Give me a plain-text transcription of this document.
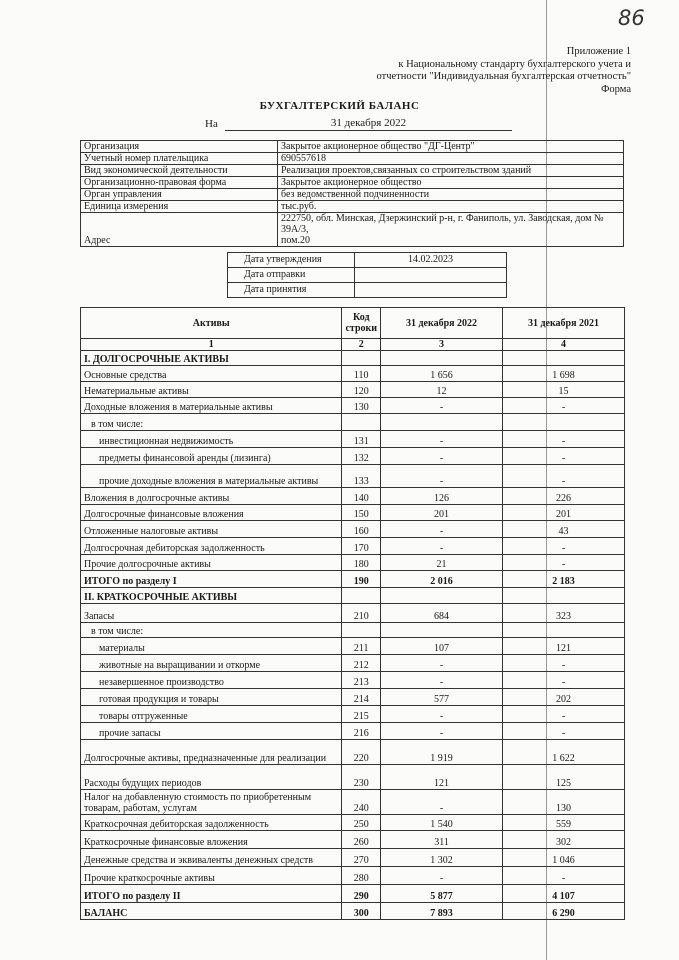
86
Приложение 1
к Национальному стандарту бухгалтерского учета и
отчетности "Индивидуальная бухгалтерская отчетность"
Форма
БУХГАЛТЕРСКИЙ БАЛАНС
На	31 декабря 2022
Организация	Закрытое акционерное общество "ДГ-Центр"
Учетный номер плательщика	690557618
Вид экономической деятельности	Реализация проектов,связанных со строительством зданий
Организационно-правовая форма	Закрытое акционерное общество
Орган управления	без ведомственной подчиненности
Единица измерения	тыс.руб.
Адрес	222750, обл. Минская, Дзержинский р-н, г. Фаниполь, ул. Заводская, дом № 39А/3,
пом.20
Дата утверждения	14.02.2023
Дата отправки	
Дата принятия	
Активы	Код строки	31 декабря 2022	31 декабря 2021
1	2	3	4
I. ДОЛГОСРОЧНЫЕ АКТИВЫ			
Основные средства	110	1 656	1 698
Нематериальные активы	120	12	15
Доходные вложения в материальные активы	130	-	-
в том числе:			
инвестиционная недвижимость	131	-	-
предметы финансовой аренды (лизинга)	132	-	-
прочие доходные вложения в материальные активы	133	-	-
Вложения в долгосрочные активы	140	126	226
Долгосрочные финансовые вложения	150	201	201
Отложенные налоговые активы	160	-	43
Долгосрочная дебиторская задолженность	170	-	-
Прочие долгосрочные активы	180	21	-
ИТОГО по разделу I	190	2 016	2 183
II. КРАТКОСРОЧНЫЕ АКТИВЫ			
Запасы	210	684	323
в том числе:			
материалы	211	107	121
животные на выращивании и откорме	212	-	-
незавершенное производство	213	-	-
готовая продукция и товары	214	577	202
товары отгруженные	215	-	-
прочие запасы	216	-	-
Долгосрочные активы, предназначенные для реализации	220	1 919	1 622
Расходы будущих периодов	230	121	125
Налог на добавленную стоимость по приобретенным товарам, работам, услугам	240	-	130
Краткосрочная дебиторская задолженность	250	1 540	559
Краткосрочные финансовые вложения	260	311	302
Денежные средства и эквиваленты денежных средств	270	1 302	1 046
Прочие краткосрочные активы	280	-	-
ИТОГО по разделу II	290	5 877	4 107
БАЛАНС	300	7 893	6 290
